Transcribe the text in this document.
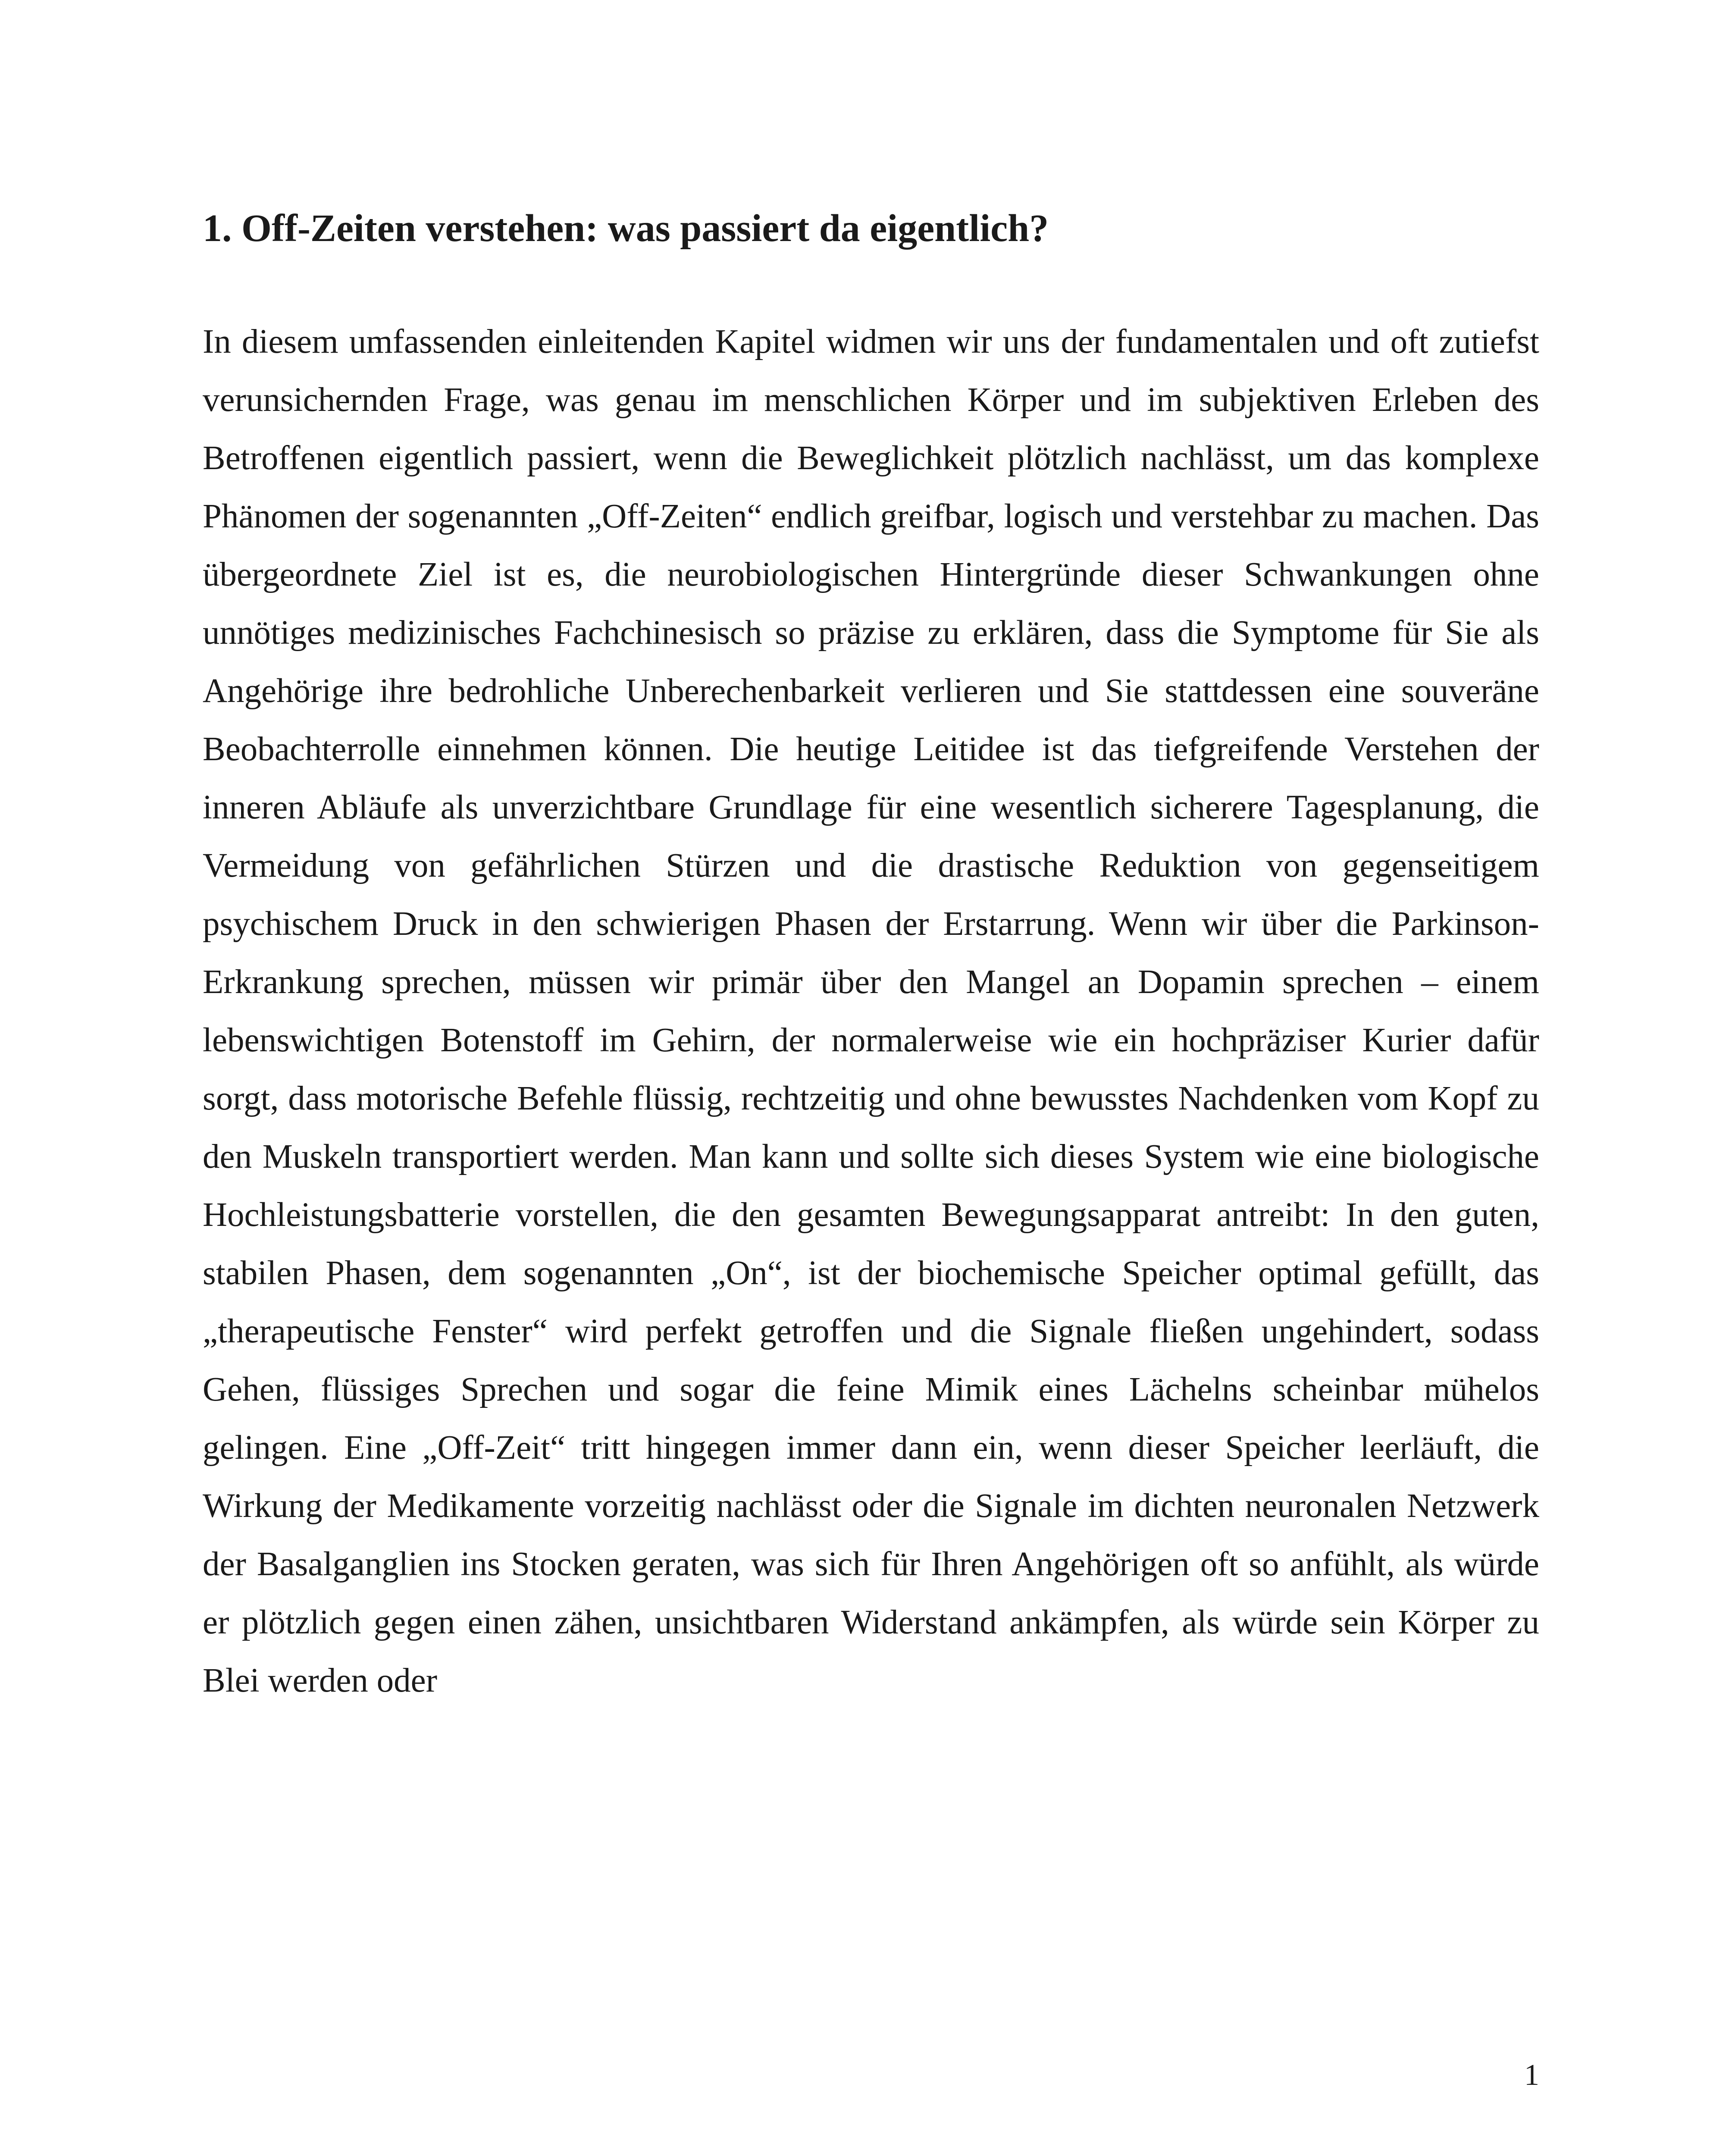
1. Off-Zeiten verstehen: was passiert da eigentlich?

In diesem umfassenden einleitenden Kapitel widmen wir uns der fundamentalen und oft zutiefst verunsichernden Frage, was genau im menschlichen Körper und im subjektiven Erleben des Betroffenen eigentlich passiert, wenn die Beweglichkeit plötzlich nachlässt, um das komplexe Phänomen der sogenannten „Off-Zeiten“ endlich greifbar, logisch und verstehbar zu machen. Das übergeordnete Ziel ist es, die neurobiologischen Hintergründe dieser Schwankungen ohne unnötiges medizinisches Fachchinesisch so präzise zu erklären, dass die Symptome für Sie als Angehörige ihre bedrohliche Unberechenbarkeit verlieren und Sie stattdessen eine souveräne Beobachterrolle einnehmen können. Die heutige Leitidee ist das tiefgreifende Verstehen der inneren Abläufe als unverzichtbare Grundlage für eine wesentlich sicherere Tagesplanung, die Vermeidung von gefährlichen Stürzen und die drastische Reduktion von gegenseitigem psychischem Druck in den schwierigen Phasen der Erstarrung. Wenn wir über die Parkinson-Erkrankung sprechen, müssen wir primär über den Mangel an Dopamin sprechen – einem lebenswichtigen Botenstoff im Gehirn, der normalerweise wie ein hochpräziser Kurier dafür sorgt, dass motorische Befehle flüssig, rechtzeitig und ohne bewusstes Nachdenken vom Kopf zu den Muskeln transportiert werden. Man kann und sollte sich dieses System wie eine biologische Hochleistungsbatterie vorstellen, die den gesamten Bewegungsapparat antreibt: In den guten, stabilen Phasen, dem sogenannten „On“, ist der biochemische Speicher optimal gefüllt, das „therapeutische Fenster“ wird perfekt getroffen und die Signale fließen ungehindert, sodass Gehen, flüssiges Sprechen und sogar die feine Mimik eines Lächelns scheinbar mühelos gelingen. Eine „Off-Zeit“ tritt hingegen immer dann ein, wenn dieser Speicher leerläuft, die Wirkung der Medikamente vorzeitig nachlässt oder die Signale im dichten neuronalen Netzwerk der Basalganglien ins Stocken geraten, was sich für Ihren Angehörigen oft so anfühlt, als würde er plötzlich gegen einen zähen, unsichtbaren Widerstand ankämpfen, als würde sein Körper zu Blei werden oder

1
